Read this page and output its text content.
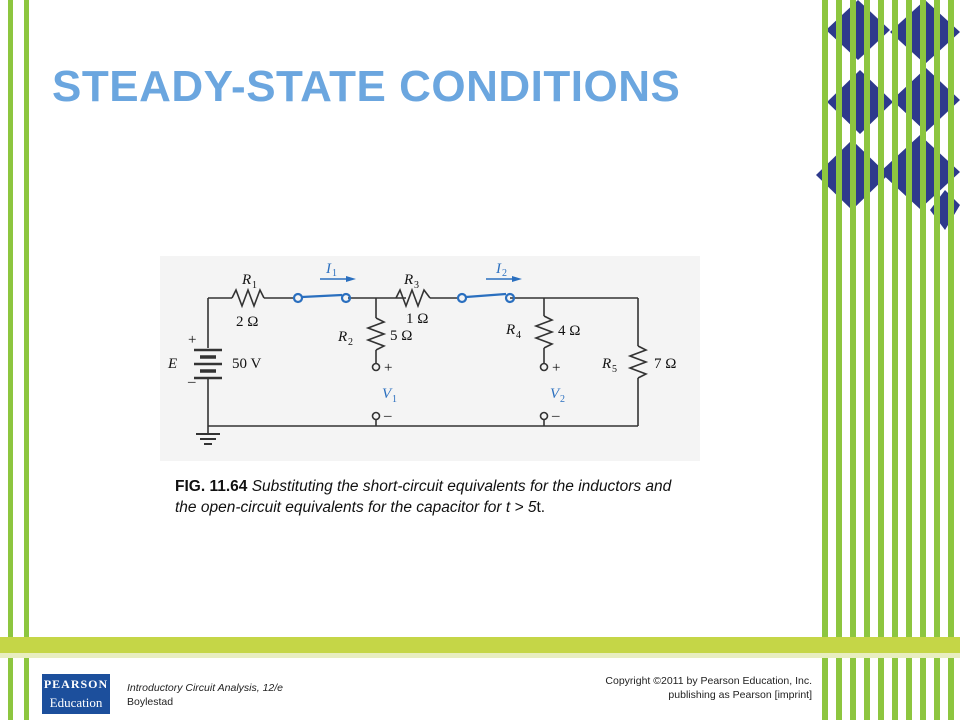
STEADY-STATE CONDITIONS
R 1
2 Ω
R 3
1 Ω
R 2 5 Ω	R 4 4 Ω
R 5 7 Ω
E	50 V
+
–
I 1	I 2
+
V 1
–
+
V 2
–
FIG. 11.64 Substituting the short-circuit equivalents for the inductors and the open-circuit equivalents for the capacitor for t > 5t.
PEARSON
Education
Introductory Circuit Analysis, 12/e
Boylestad
Copyright ©2011 by Pearson Education, Inc.
publishing as Pearson [imprint]
